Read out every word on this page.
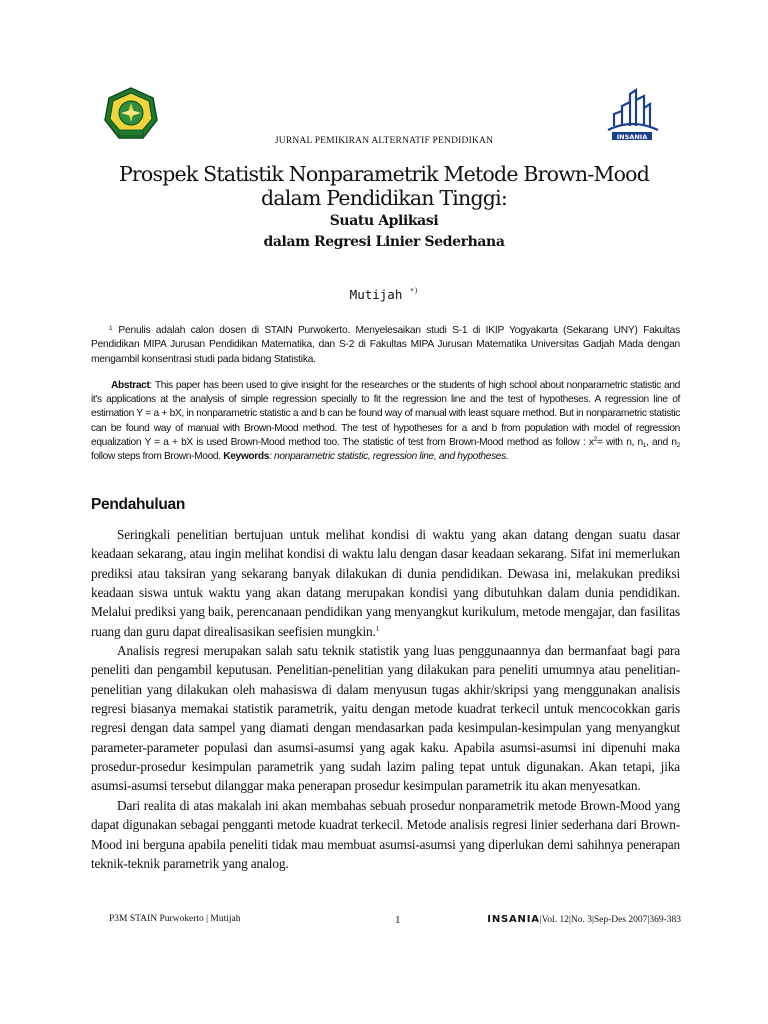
INSANIA
JURNAL PEMIKIRAN ALTERNATIF PENDIDIKAN
Prospek Statistik Nonparametrik Metode Brown-Mood
dalam Pendidikan Tinggi:
Suatu Aplikasi
dalam Regresi Linier Sederhana
Mutijah *)

$^1$ Penulis adalah calon dosen di STAIN Purwokerto. Menyelesaikan studi S-1 di IKIP Yogyakarta (Sekarang UNY) Fakultas Pendidikan MIPA Jurusan Pendidikan Matematika, dan S-2 di Fakultas MIPA Jurusan Matematika Universitas Gadjah Mada dengan mengambil konsentrasi studi pada bidang Statistika.

Abstract: This paper has been used to give insight for the researches or the students of high school about nonparametric statistic and it's applications at the analysis of simple regression specially to fit the regression line and the test of hypotheses. A regression line of estimation Y = a + bX, in nonparametric statistic a and b can be found way of manual with least square method. But in nonparametric statistic can be found way of manual with Brown-Mood method. The test of hypotheses for a and b from population with model of regression equalization Y = a + bX is used Brown-Mood method too. The statistic of test from Brown-Mood method as follow : $x^2=$ with n, $n_1$, and $n_2$ follow steps from Brown-Mood. Keywords: nonparametric statistic, regression line, and hypotheses.

Pendahuluan

Seringkali penelitian bertujuan untuk melihat kondisi di waktu yang akan datang dengan suatu dasar keadaan sekarang, atau ingin melihat kondisi di waktu lalu dengan dasar keadaan sekarang. Sifat ini memerlukan prediksi atau taksiran yang sekarang banyak dilakukan di dunia pendidikan. Dewasa ini, melakukan prediksi keadaan siswa untuk waktu yang akan datang merupakan kondisi yang dibutuhkan dalam dunia pendidikan. Melalui prediksi yang baik, perencanaan pendidikan yang menyangkut kurikulum, metode mengajar, dan fasilitas ruang dan guru dapat direalisasikan seefisien mungkin.$^1$

Analisis regresi merupakan salah satu teknik statistik yang luas penggunaannya dan bermanfaat bagi para peneliti dan pengambil keputusan. Penelitian-penelitian yang dilakukan para peneliti umumnya atau penelitian-penelitian yang dilakukan oleh mahasiswa di dalam menyusun tugas akhir/skripsi yang menggunakan analisis regresi biasanya memakai statistik parametrik, yaitu dengan metode kuadrat terkecil untuk mencocokkan garis regresi dengan data sampel yang diamati dengan mendasarkan pada kesimpulan-kesimpulan yang menyangkut parameter-parameter populasi dan asumsi-asumsi yang agak kaku. Apabila asumsi-asumsi ini dipenuhi maka prosedur-prosedur kesimpulan parametrik yang sudah lazim paling tepat untuk digunakan. Akan tetapi, jika asumsi-asumsi tersebut dilanggar maka penerapan prosedur kesimpulan parametrik itu akan menyesatkan.

Dari realita di atas makalah ini akan membahas sebuah prosedur nonparametrik metode Brown-Mood yang dapat digunakan sebagai pengganti metode kuadrat terkecil. Metode analisis regresi linier sederhana dari Brown-Mood ini berguna apabila peneliti tidak mau membuat asumsi-asumsi yang diperlukan demi sahihnya penerapan teknik-teknik parametrik yang analog.

P3M STAIN Purwokerto | Mutijah	1	INSANIA|Vol. 12|No. 3|Sep-Des 2007|369-383
